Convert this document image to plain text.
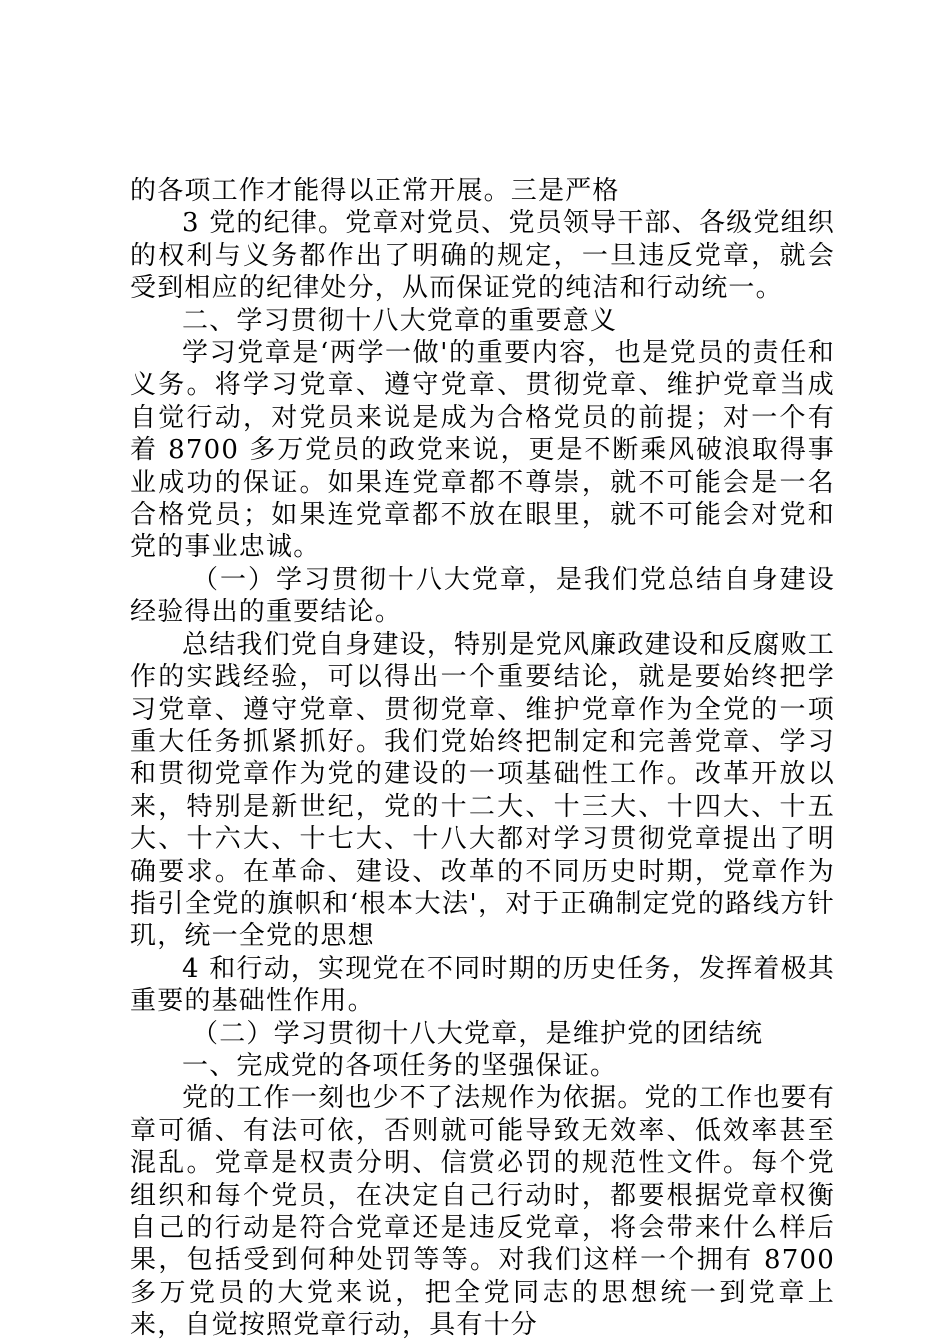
的各项工作才能得以正常开展。三是严格

3 党的纪律。党章对党员、党员领导干部、各级党组织的权利与义务都作出了明确的规定，一旦违反党章，就会受到相应的纪律处分，从而保证党的纯洁和行动统一。

二、学习贯彻十八大党章的重要意义

学习党章是‘两学一做'的重要内容，也是党员的责任和义务。将学习党章、遵守党章、贯彻党章、维护党章当成自觉行动，对党员来说是成为合格党员的前提；对一个有着 8700 多万党员的政党来说，更是不断乘风破浪取得事业成功的保证。如果连党章都不尊崇，就不可能会是一名合格党员；如果连党章都不放在眼里，就不可能会对党和党的事业忠诚。

（一）学习贯彻十八大党章，是我们党总结自身建设经验得出的重要结论。

总结我们党自身建设，特别是党风廉政建设和反腐败工作的实践经验，可以得出一个重要结论，就是要始终把学习党章、遵守党章、贯彻党章、维护党章作为全党的一项重大任务抓紧抓好。我们党始终把制定和完善党章、学习和贯彻党章作为党的建设的一项基础性工作。改革开放以来，特别是新世纪，党的十二大、十三大、十四大、十五大、十六大、十七大、十八大都对学习贯彻党章提出了明确要求。在革命、建设、改革的不同历史时期，党章作为指引全党的旗帜和‘根本大法'，对于正确制定党的路线方针玑，统一全党的思想

4 和行动，实现党在不同时期的历史任务，发挥着极其重要的基础性作用。

（二）学习贯彻十八大党章，是维护党的团结统

一、完成党的各项任务的坚强保证。

党的工作一刻也少不了法规作为依据。党的工作也要有章可循、有法可依，否则就可能导致无效率、低效率甚至混乱。党章是权责分明、信赏必罚的规范性文件。每个党组织和每个党员，在决定自己行动时，都要根据党章权衡自己的行动是符合党章还是违反党章，将会带来什么样后果，包括受到何种处罚等等。对我们这样一个拥有 8700 多万党员的大党来说，把全党同志的思想统一到党章上来，自觉按照党章行动，具有十分
